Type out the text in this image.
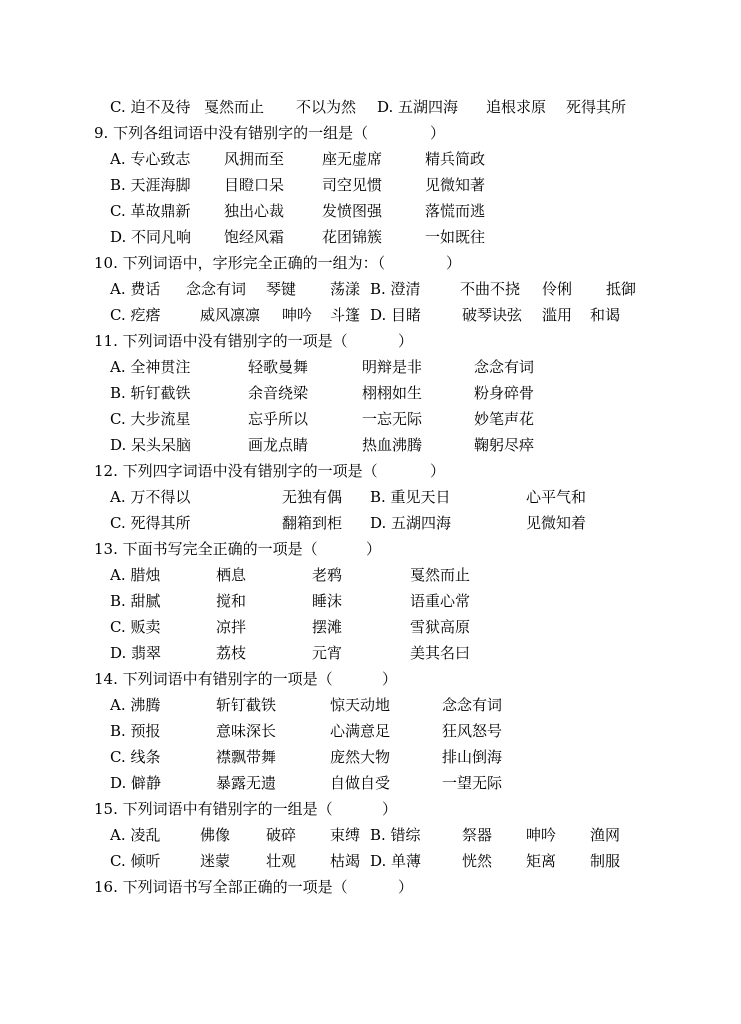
C. 迫不及待 戛然而止 不以为然 D. 五湖四海 追根求原 死得其所
9. 下列各组词语中没有错别字的一组是（	）
A. 专心致志 风拥而至	座无虚席	精兵简政
B. 天涯海脚 目瞪口呆	司空见惯	见微知著
C. 革故鼎新 独出心裁	发愤图强	落慌而逃
D. 不同凡响 饱经风霜	花团锦簇	一如既往
10. 下列词语中，字形完全正确的一组为：（	）
A. 费话 念念有词 琴键 荡漾 B. 澄清	不曲不挠 伶俐 抵御
C. 疙瘩	威风凛凛 呻吟 斗篷 D. 目睹	破琴诀弦 滥用 和谒
11. 下列词语中没有错别字的一项是（	）
A. 全神贯注	轻歌曼舞	明辩是非	念念有词
B. 斩钉截铁	余音绕梁	栩栩如生	粉身碎骨
C. 大步流星	忘乎所以	一忘无际	妙笔声花
D. 呆头呆脑	画龙点睛	热血沸腾	鞠躬尽瘁
12. 下列四字词语中没有错别字的一项是（	）
A. 万不得以	无独有偶 B. 重见天日	心平气和
C. 死得其所	翻箱到柜 D. 五湖四海	见微知着
13. 下面书写完全正确的一项是（	）
A. 腊烛	栖息	老鸦	戛然而止
B. 甜腻	搅和	睡沫	语重心常
C. 贩卖	凉拌	摆滩	雪狱高原
D. 翡翠	荔枝	元宵	美其名曰
14. 下列词语中有错别字的一项是（	）
A. 沸腾	斩钉截铁	惊天动地	念念有词
B. 预报	意味深长	心满意足	狂风怒号
C. 线条	襟飘带舞	庞然大物	排山倒海
D. 僻静	暴露无遗	自做自受	一望无际
15. 下列词语中有错别字的一组是（	）
A. 凌乱	佛像 破碎 束缚 B. 错综	祭器 呻吟 渔网
C. 倾听	迷蒙 壮观 枯竭 D. 单薄	恍然 矩离 制服
16. 下列词语书写全部正确的一项是（	）
